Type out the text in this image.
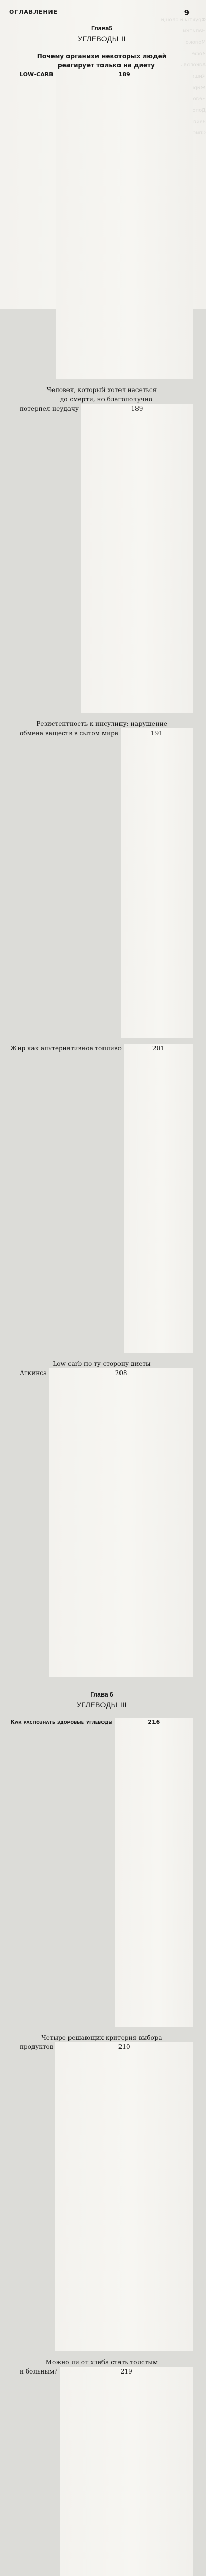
Фрукты и овощи
Напитки
Молоко
Кофе
Алкоголь
Жиры
Белок
Список
ОГЛАВЛЕНИЕ	9
Глава5
УГЛЕВОДЫ II
Почему организм некоторых людей
реагирует только на диету
LOW-CARB	189
Человек, который хотел насеться
до смерти, но благополучно
потерпел неудачу	189
Резистентность к инсулину: нарушение
обмена веществ в сытом мире	191
Жир как альтернативное топливо	201
Low-carb по ту сторону диеты
Аткинса	208
Глава 6
УГЛЕВОДЫ III
Как распознать здоровые углеводы	216
Четыре решающих критерия выбора
продуктов	210
Можно ли от хлеба стать толстым
и больным?	219
